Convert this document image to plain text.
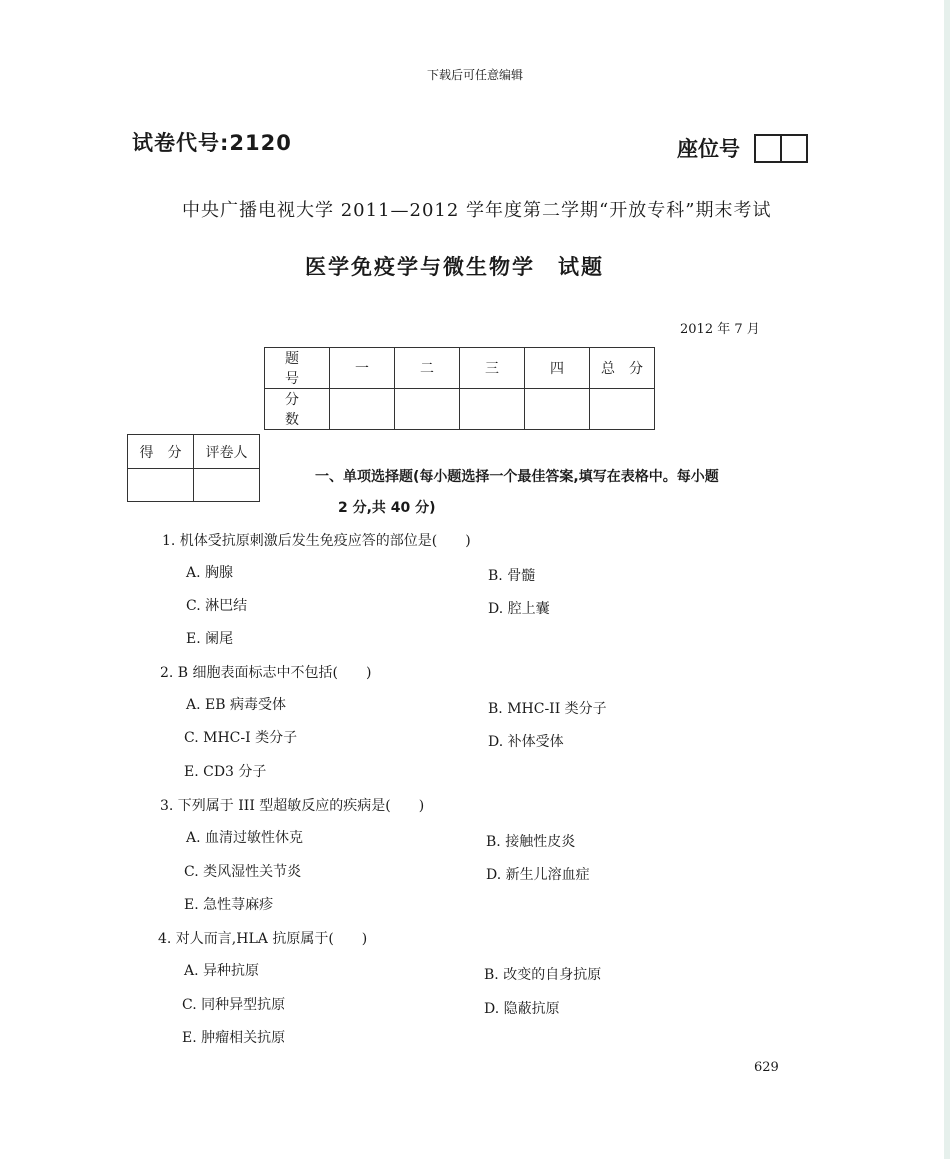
下载后可任意编辑
试卷代号:2120	座位号
中央广播电视大学 2011—2012 学年度第二学期“开放专科”期末考试
医学免疫学与微生物学　试题
2012 年 7 月
题　号	一	二	三	四	总　分
分　数					
得　分	评卷人

一、单项选择题(每小题选择一个最佳答案,填写在表格中。每小题
2 分,共 40 分)
1. 机体受抗原刺激后发生免疫应答的部位是(　　)
A. 胸腺	B. 骨髓
C. 淋巴结	D. 腔上囊
E. 阑尾
2. B 细胞表面标志中不包括(　　)
A. EB 病毒受体	B. MHC-II 类分子
C. MHC-I 类分子	D. 补体受体
E. CD3 分子
3. 下列属于 III 型超敏反应的疾病是(　　)
A. 血清过敏性休克	B. 接触性皮炎
C. 类风湿性关节炎	D. 新生儿溶血症
E. 急性荨麻疹
4. 对人而言,HLA 抗原属于(　　)
A. 异种抗原	B. 改变的自身抗原
C. 同种异型抗原	D. 隐蔽抗原
E. 肿瘤相关抗原
629
